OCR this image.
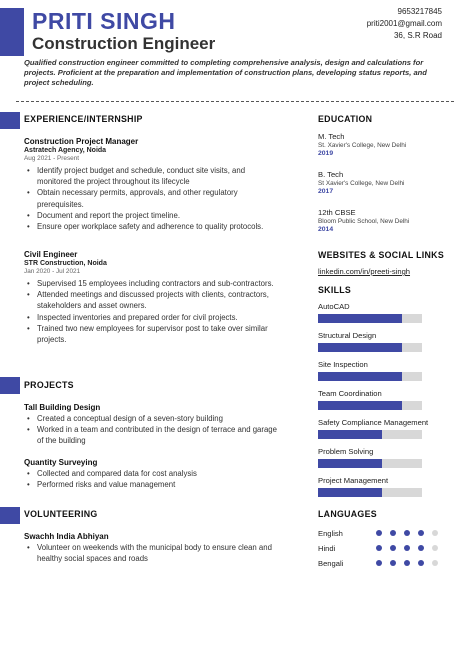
PRITI SINGH
Construction Engineer
9653217845
priti2001@gmail.com
36, S.R Road
Qualified construction engineer committed to completing comprehensive analysis, design and calculations for projects. Proficient at the preparation and implementation of construction plans, developing status reports, and project scheduling.
EXPERIENCE/INTERNSHIP
Construction Project Manager
Astratech Agency, Noida
Aug 2021 - Present
• Identify project budget and schedule, conduct site visits, and monitored the project throughout its lifecycle
• Obtain necessary permits, approvals, and other regulatory prerequisites.
• Document and report the project timeline.
• Ensure oper workplace safety and adherence to quality protocols.
Civil Engineer
STR Construction, Noida
Jan 2020 - Jul 2021
• Supervised 15 employees including contractors and sub-contractors.
• Attended meetings and discussed projects with clients, contractors, stakeholders and asset owners.
• Inspected inventories and prepared order for civil projects.
• Trained two new employees for supervisor post to take over similar projects.
PROJECTS
Tall Building Design
• Created a conceptual design of a seven-story building
• Worked in a team and contributed in the design of terrace and garage of the building
Quantity Surveying
• Collected and compared data for cost analysis
• Performed risks and value management
VOLUNTEERING
Swachh India Abhiyan
• Volunteer on weekends with the municipal body to ensure clean and healthy social spaces and roads
EDUCATION
M. Tech
St. Xavier's College, New Delhi
2019
B. Tech
St Xavier's College, New Delhi
2017
12th CBSE
Bloom Public School, New Delhi
2014
WEBSITES & SOCIAL LINKS
linkedin.com/in/preeti-singh
SKILLS
AutoCAD
Structural Design
Site Inspection
Team Coordination
Safety Compliance Management
Problem Solving
Project Management
LANGUAGES
English
Hindi
Bengali
